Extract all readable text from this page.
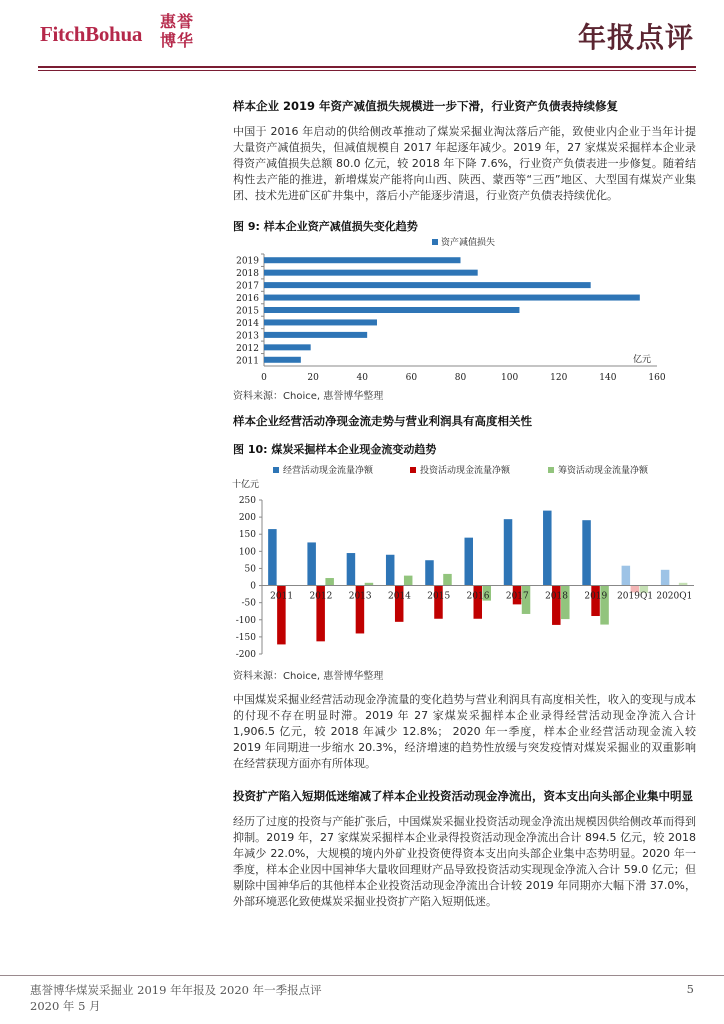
FitchBohua
惠誉博华	年报点评
样本企业 2019 年资产减值损失规模进一步下滑，行业资产负债表持续修复

中国于 2016 年启动的供给侧改革推动了煤炭采掘业淘汰落后产能，致使业内企业于当年计提大量资产减值损失，但减值规模自 2017 年起逐年减少。2019 年，27 家煤炭采掘样本企业录得资产减值损失总额 80.0 亿元，较 2018 年下降 7.6%，行业资产负债表进一步修复。随着结构性去产能的推进，新增煤炭产能将向山西、陕西、蒙西等“三西”地区、大型国有煤炭产业集团、技术先进矿区矿井集中，落后小产能逐步清退，行业资产负债表持续优化。

图 9: 样本企业资产减值损失变化趋势
资产减值损失
2011
2012
2013
2014
2015
2016
2017
2018
2019
0	20	40	60	80	100	120	140	160
亿元
资料来源：Choice, 惠誉博华整理
样本企业经营活动净现金流走势与营业利润具有高度相关性
图 10: 煤炭采掘样本企业现金流变动趋势
经营活动现金流量净额	投资活动现金流量净额	筹资活动现金流量净额
十亿元
-200
-150
-100
-50
0
50
100
150
200
250
2011 2012 2013 2014 2015 2016 2017 2018 2019 2019Q1 2020Q1
资料来源：Choice, 惠誉博华整理

中国煤炭采掘业经营活动现金净流量的变化趋势与营业利润具有高度相关性，收入的变现与成本的付现不存在明显时滞。2019 年 27 家煤炭采掘样本企业录得经营活动现金净流入合计 1,906.5 亿元，较 2018 年减少 12.8%； 2020 年一季度，样本企业经营活动现金流入较 2019 年同期进一步缩水 20.3%，经济增速的趋势性放缓与突发疫情对煤炭采掘业的双重影响在经营获现方面亦有所体现。

投资扩产陷入短期低迷缩减了样本企业投资活动现金净流出，资本支出向头部企业集中明显

经历了过度的投资与产能扩张后，中国煤炭采掘业投资活动现金净流出规模因供给侧改革而得到抑制。2019 年，27 家煤炭采掘样本企业录得投资活动现金净流出合计 894.5 亿元，较 2018 年减少 22.0%，大规模的境内外矿业投资使得资本支出向头部企业集中态势明显。2020 年一季度，样本企业因中国神华大量收回理财产品导致投资活动实现现金净流入合计 59.0 亿元；但剔除中国神华后的其他样本企业投资活动现金净流出合计较 2019 年同期亦大幅下滑 37.0%，外部环境恶化致使煤炭采掘业投资扩产陷入短期低迷。

惠誉博华煤炭采掘业 2019 年年报及 2020 年一季报点评
2020 年 5 月
5
